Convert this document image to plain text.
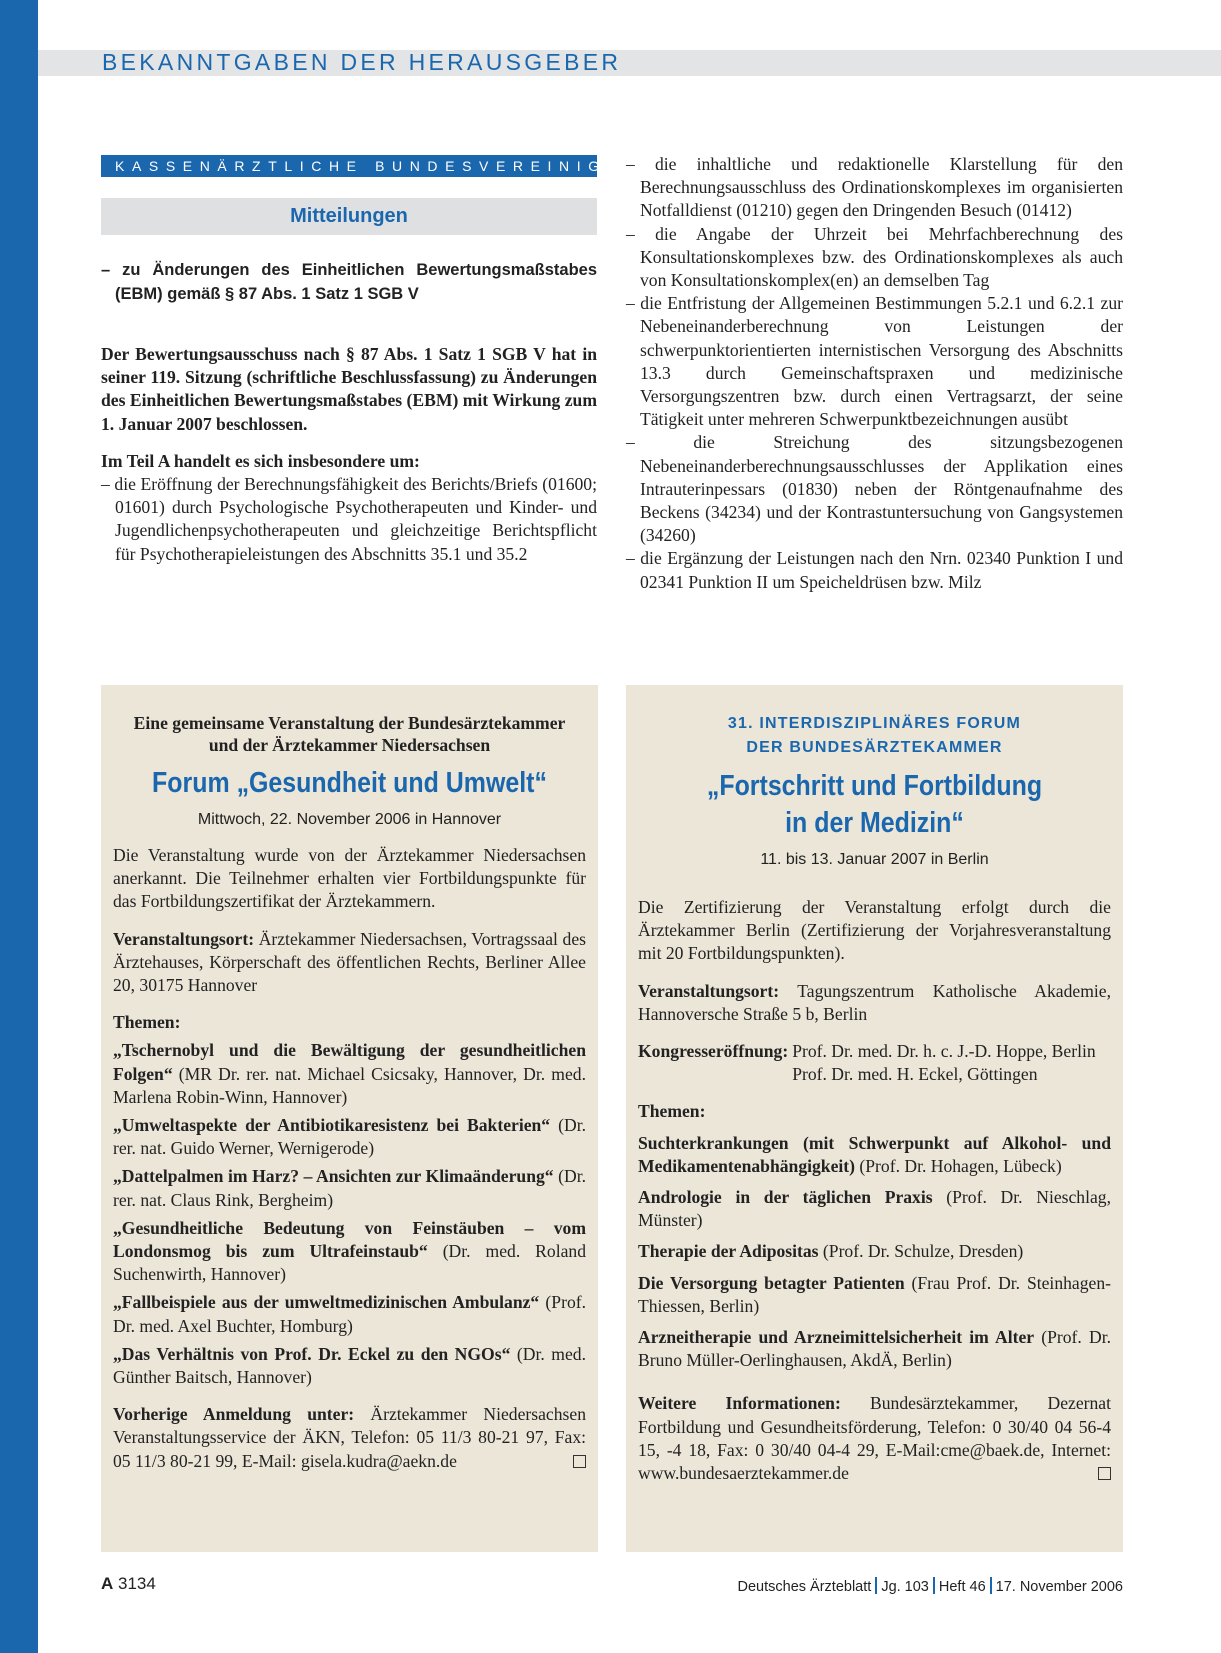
BEKANNTGABEN DER HERAUSGEBER
KASSENÄRZTLICHE BUNDESVEREINIGUNG
Mitteilungen
– zu Änderungen des Einheitlichen Bewertungsmaßstabes (EBM) gemäß § 87 Abs. 1 Satz 1 SGB V
Der Bewertungsausschuss nach § 87 Abs. 1 Satz 1 SGB V hat in seiner 119. Sitzung (schriftliche Beschlussfassung) zu Änderungen des Einheitlichen Bewertungsmaßstabes (EBM) mit Wirkung zum 1. Januar 2007 beschlossen.
Im Teil A handelt es sich insbesondere um:
– die Eröffnung der Berechnungsfähigkeit des Berichts/Briefs (01600; 01601) durch Psychologische Psychotherapeuten und Kinder- und Jugendlichenpsychotherapeuten und gleichzeitige Berichtspflicht für Psychotherapieleistungen des Abschnitts 35.1 und 35.2
– die inhaltliche und redaktionelle Klarstellung für den Berechnungsausschluss des Ordinationskomplexes im organisierten Notfalldienst (01210) gegen den Dringenden Besuch (01412)
– die Angabe der Uhrzeit bei Mehrfachberechnung des Konsultationskomplexes bzw. des Ordinationskomplexes als auch von Konsultationskomplex(en) an demselben Tag
– die Entfristung der Allgemeinen Bestimmungen 5.2.1 und 6.2.1 zur Nebeneinanderberechnung von Leistungen der schwerpunktorientierten internistischen Versorgung des Abschnitts 13.3 durch Gemeinschaftspraxen und medizinische Versorgungszentren bzw. durch einen Vertragsarzt, der seine Tätigkeit unter mehreren Schwerpunktbezeichnungen ausübt
– die Streichung des sitzungsbezogenen Nebeneinanderberechnungsausschlusses der Applikation eines Intrauterinpessars (01830) neben der Röntgenaufnahme des Beckens (34234) und der Kontrastuntersuchung von Gangsystemen (34260)
– die Ergänzung der Leistungen nach den Nrn. 02340 Punktion I und 02341 Punktion II um Speicheldrüsen bzw. Milz
Eine gemeinsame Veranstaltung der Bundesärztekammer
und der Ärztekammer Niedersachsen
Forum „Gesundheit und Umwelt“
Mittwoch, 22. November 2006 in Hannover
Die Veranstaltung wurde von der Ärztekammer Niedersachsen anerkannt. Die Teilnehmer erhalten vier Fortbildungspunkte für das Fortbildungszertifikat der Ärztekammern.
Veranstaltungsort: Ärztekammer Niedersachsen, Vortragssaal des Ärztehauses, Körperschaft des öffentlichen Rechts, Berliner Allee 20, 30175 Hannover
Themen:
„Tschernobyl und die Bewältigung der gesundheitlichen Folgen“ (MR Dr. rer. nat. Michael Csicsaky, Hannover, Dr. med. Marlena Robin-Winn, Hannover)
„Umweltaspekte der Antibiotikaresistenz bei Bakterien“ (Dr. rer. nat. Guido Werner, Wernigerode)
„Dattelpalmen im Harz? – Ansichten zur Klimaänderung“ (Dr. rer. nat. Claus Rink, Bergheim)
„Gesundheitliche Bedeutung von Feinstäuben – vom Londonsmog bis zum Ultrafeinstaub“ (Dr. med. Roland Suchenwirth, Hannover)
„Fallbeispiele aus der umweltmedizinischen Ambulanz“ (Prof. Dr. med. Axel Buchter, Homburg)
„Das Verhältnis von Prof. Dr. Eckel zu den NGOs“ (Dr. med. Günther Baitsch, Hannover)
Vorherige Anmeldung unter: Ärztekammer Niedersachsen Veranstaltungsservice der ÄKN, Telefon: 05 11/3 80-21 97, Fax: 05 11/3 80-21 99, E-Mail: gisela.kudra@aekn.de
31. INTERDISZIPLINÄRES FORUM
DER BUNDESÄRZTEKAMMER
„Fortschritt und Fortbildung
in der Medizin“
11. bis 13. Januar 2007 in Berlin
Die Zertifizierung der Veranstaltung erfolgt durch die Ärztekammer Berlin (Zertifizierung der Vorjahresveranstaltung mit 20 Fortbildungspunkten).
Veranstaltungsort: Tagungszentrum Katholische Akademie, Hannoversche Straße 5 b, Berlin
Kongresseröffnung: Prof. Dr. med. Dr. h. c. J.-D. Hoppe, Berlin
Prof. Dr. med. H. Eckel, Göttingen
Themen:
Suchterkrankungen (mit Schwerpunkt auf Alkohol- und Medikamentenabhängigkeit) (Prof. Dr. Hohagen, Lübeck)
Andrologie in der täglichen Praxis (Prof. Dr. Nieschlag, Münster)
Therapie der Adipositas (Prof. Dr. Schulze, Dresden)
Die Versorgung betagter Patienten (Frau Prof. Dr. Steinhagen-Thiessen, Berlin)
Arzneitherapie und Arzneimittelsicherheit im Alter (Prof. Dr. Bruno Müller-Oerlinghausen, AkdÄ, Berlin)
Weitere Informationen: Bundesärztekammer, Dezernat Fortbildung und Gesundheitsförderung, Telefon: 0 30/40 04 56-4 15, -4 18, Fax: 0 30/40 04-4 29, E-Mail:cme@baek.de, Internet: www.bundesaerztekammer.de
A 3134	Deutsches Ärzteblatt Jg. 103 Heft 46 17. November 2006
